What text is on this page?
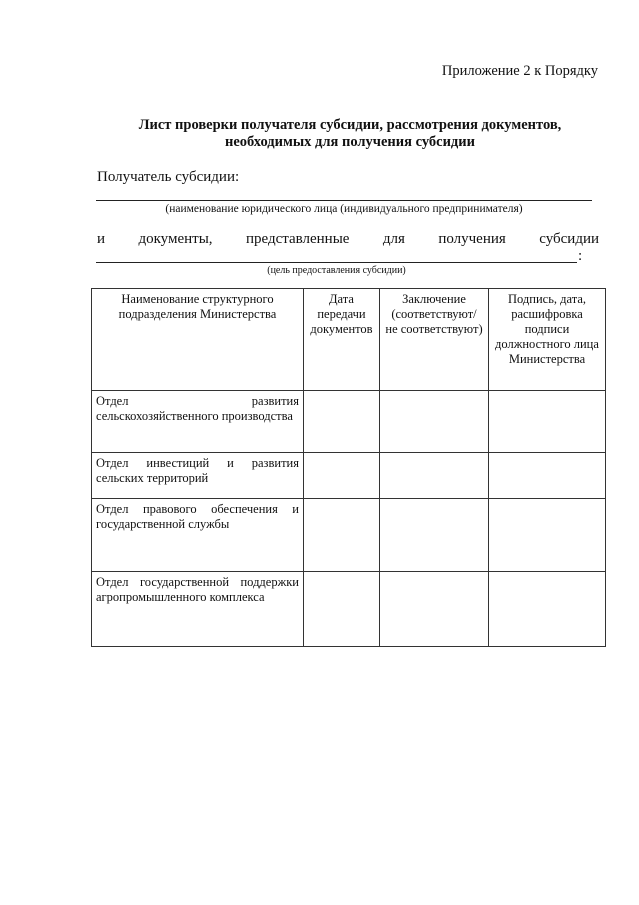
Приложение 2 к Порядку
Лист проверки получателя субсидии, рассмотрения документов,
необходимых для получения субсидии
Получатель субсидии:
(наименование юридического лица (индивидуального предпринимателя)
и документы, представленные для получения субсидии
:
(цель предоставления субсидии)
Наименование структурного подразделения Министерства	Дата передачи документов	Заключение (соответствуют/ не соответствуют)	Подпись, дата, расшифровка подписи должностного лица Министерства
Отдел развития сельскохозяйственного производства			
Отдел инвестиций и развития сельских территорий			
Отдел правового обеспечения и государственной службы			
Отдел государственной поддержки агропромышленного комплекса			
